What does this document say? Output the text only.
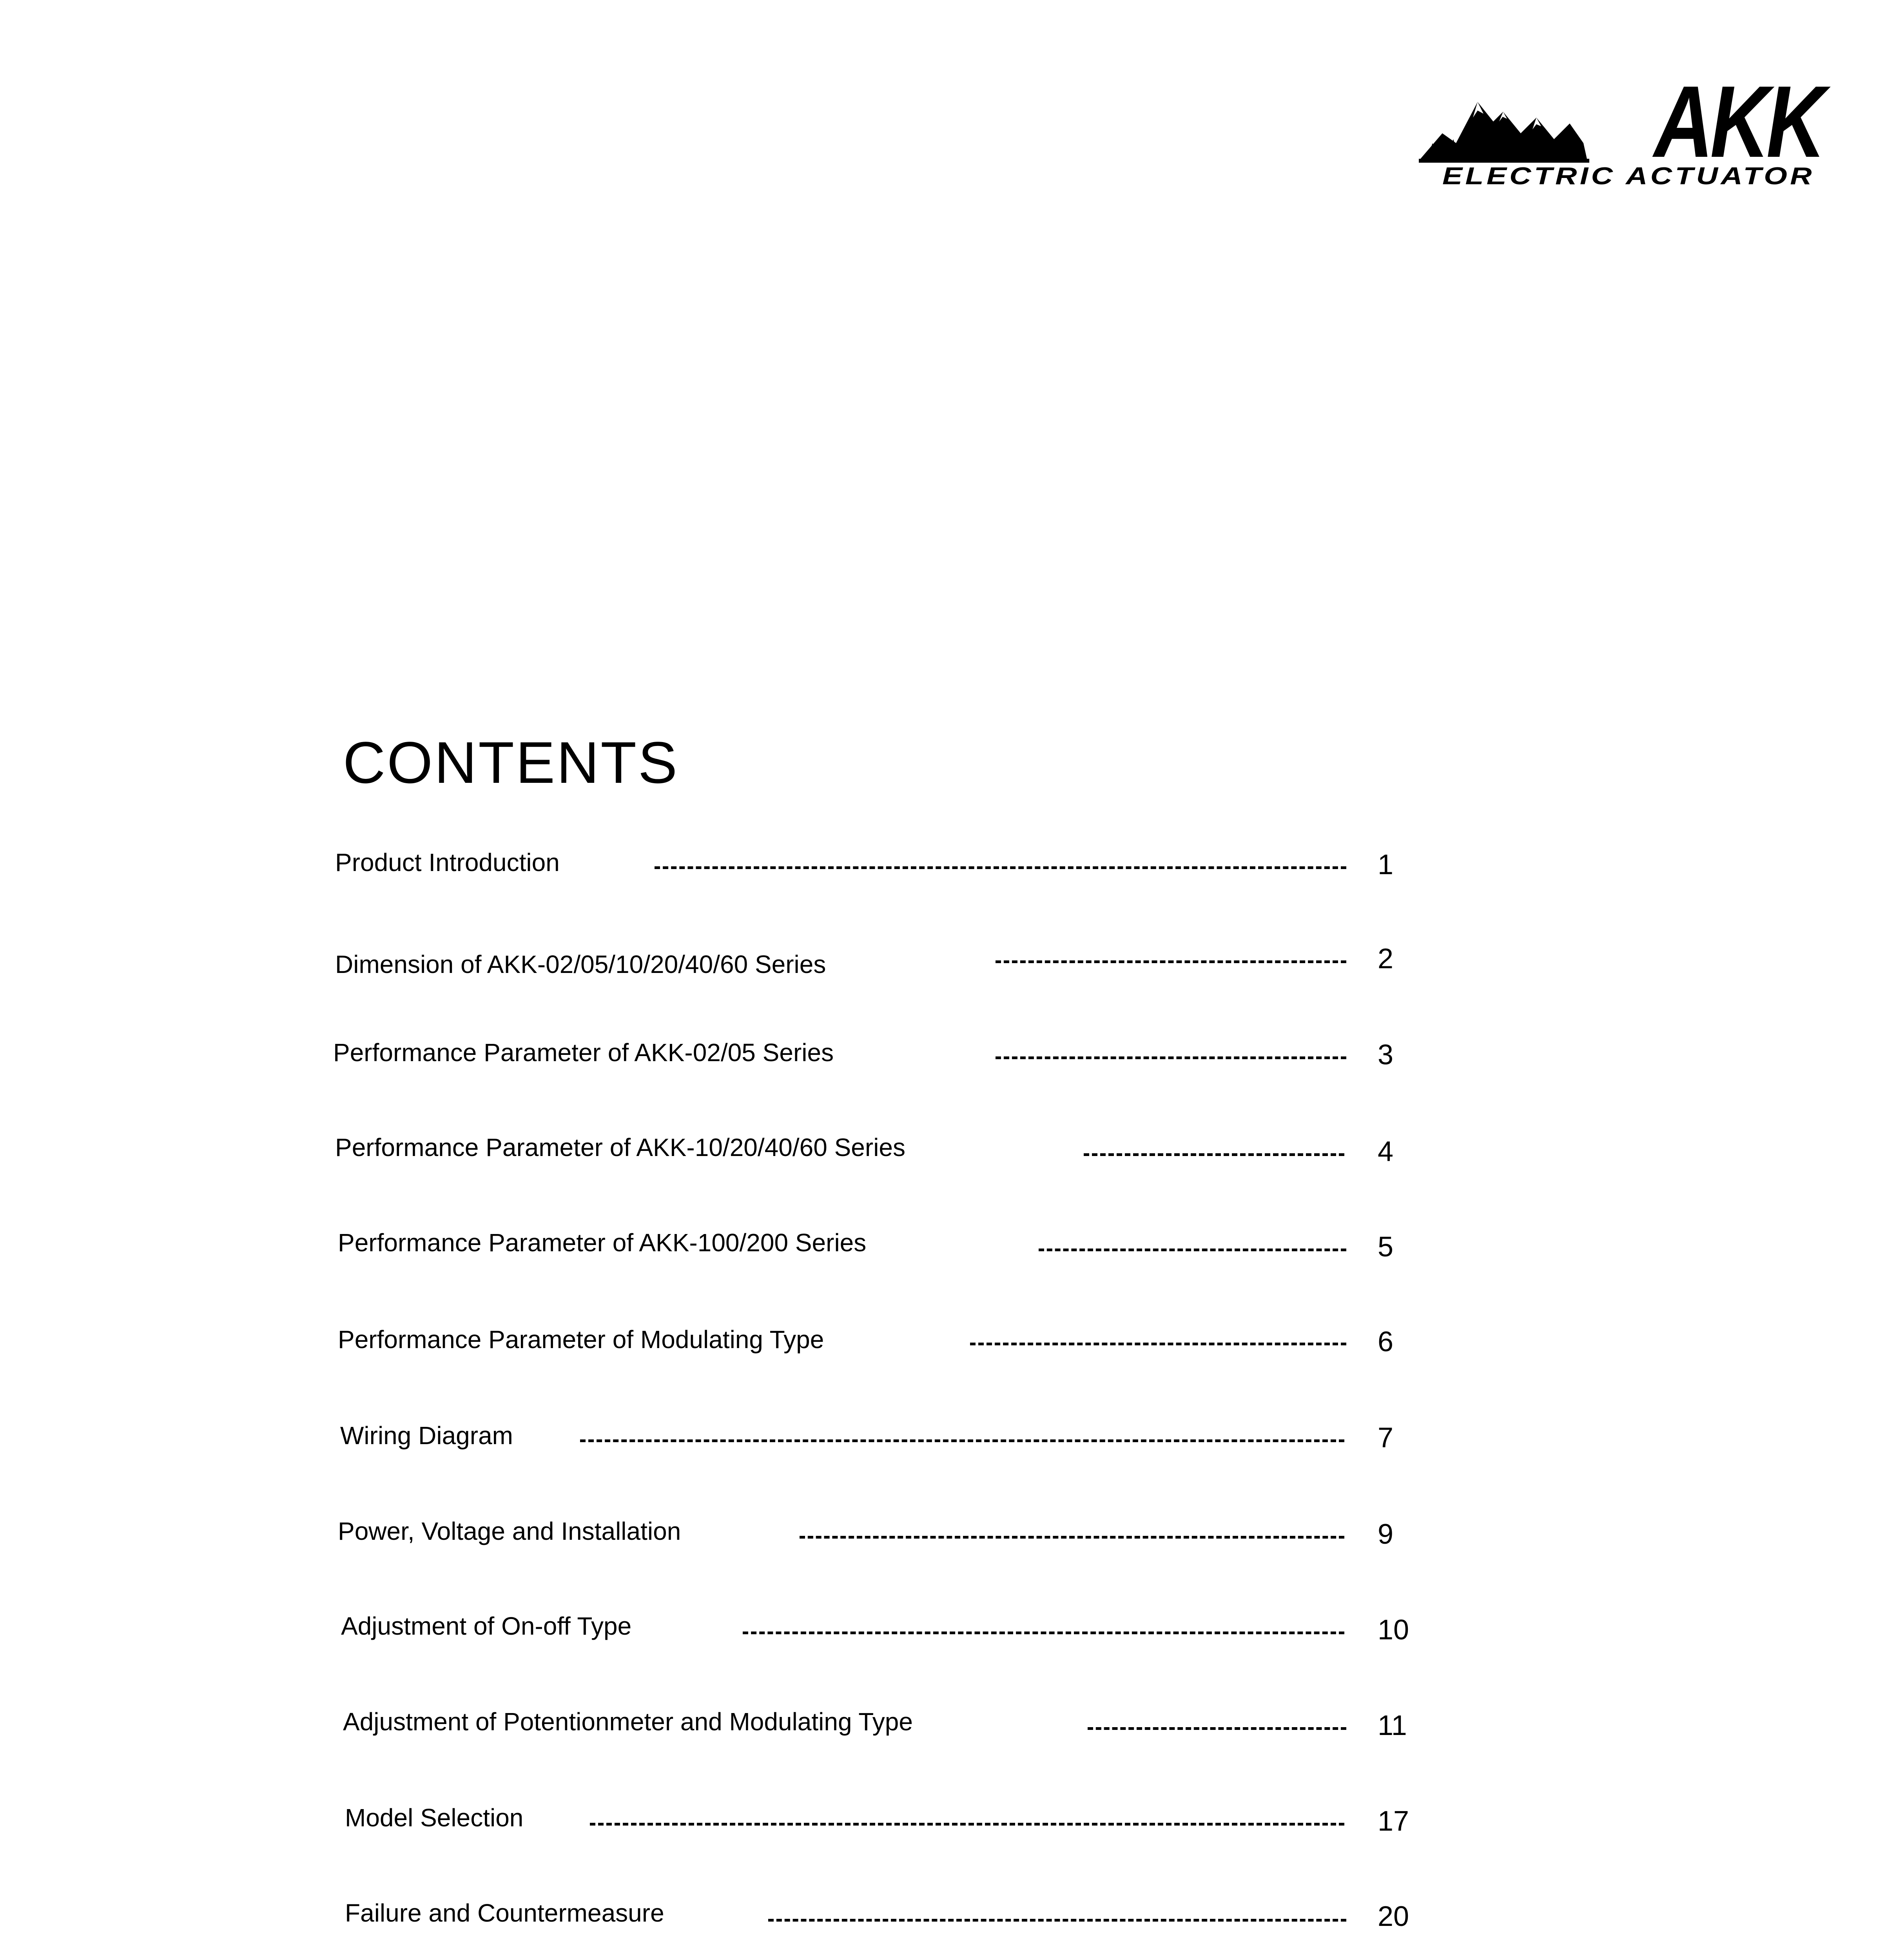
AKK
ELECTRIC ACTUATOR
CONTENTS
Product Introduction	1
Dimension of AKK-02/05/10/20/40/60 Series	2
Performance Parameter of AKK-02/05 Series	3
Performance Parameter of AKK-10/20/40/60 Series	4
Performance Parameter of AKK-100/200 Series	5
Performance Parameter of Modulating Type	6
Wiring Diagram	7
Power, Voltage and Installation	9
Adjustment of On-off Type	10
Adjustment of Potentionmeter and Modulating Type	11
Model Selection	17
Failure and Countermeasure	20
